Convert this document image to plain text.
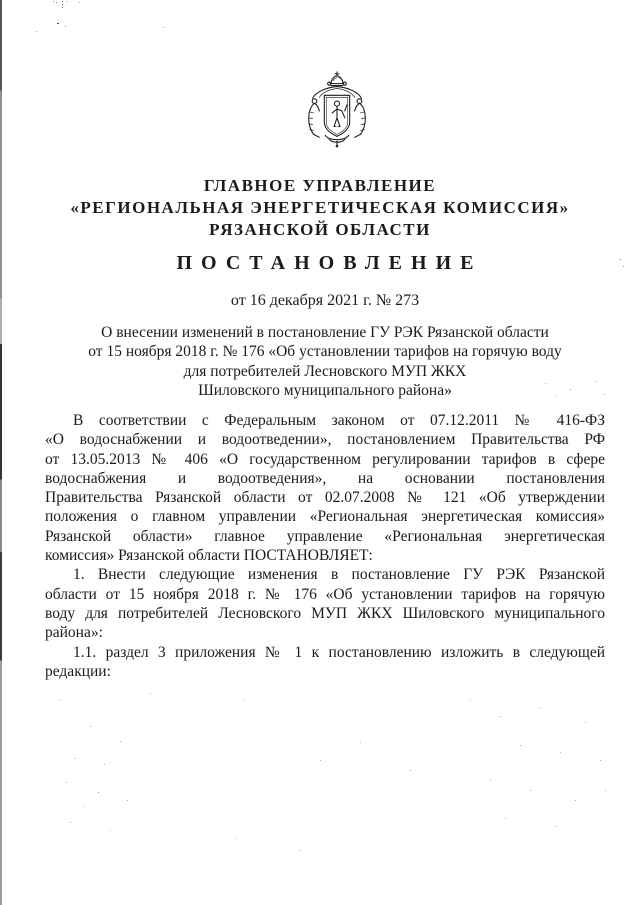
ГЛАВНОЕ УПРАВЛЕНИЕ
«РЕГИОНАЛЬНАЯ ЭНЕРГЕТИЧЕСКАЯ КОМИССИЯ»
РЯЗАНСКОЙ ОБЛАСТИ
ПОСТАНОВЛЕНИЕ
от 16 декабря 2021 г. № 273
О внесении изменений в постановление ГУ РЭК Рязанской области
от 15 ноября 2018 г. № 176 «Об установлении тарифов на горячую воду
для потребителей Лесновского МУП ЖКХ
Шиловского муниципального района»
В соответствии с Федеральным законом от 07.12.2011 № 416-ФЗ
«О водоснабжении и водоотведении», постановлением Правительства РФ
от 13.05.2013 № 406 «О государственном регулировании тарифов в сфере
водоснабжения и водоотведения», на основании постановления
Правительства Рязанской области от 02.07.2008 № 121 «Об утверждении
положения о главном управлении «Региональная энергетическая комиссия»
Рязанской области» главное управление «Региональная энергетическая
комиссия» Рязанской области ПОСТАНОВЛЯЕТ:
1. Внести следующие изменения в постановление ГУ РЭК Рязанской
области от 15 ноября 2018 г. № 176 «Об установлении тарифов на горячую
воду для потребителей Лесновского МУП ЖКХ Шиловского муниципального
района»:
1.1. раздел 3 приложения № 1 к постановлению изложить в следующей
редакции:
